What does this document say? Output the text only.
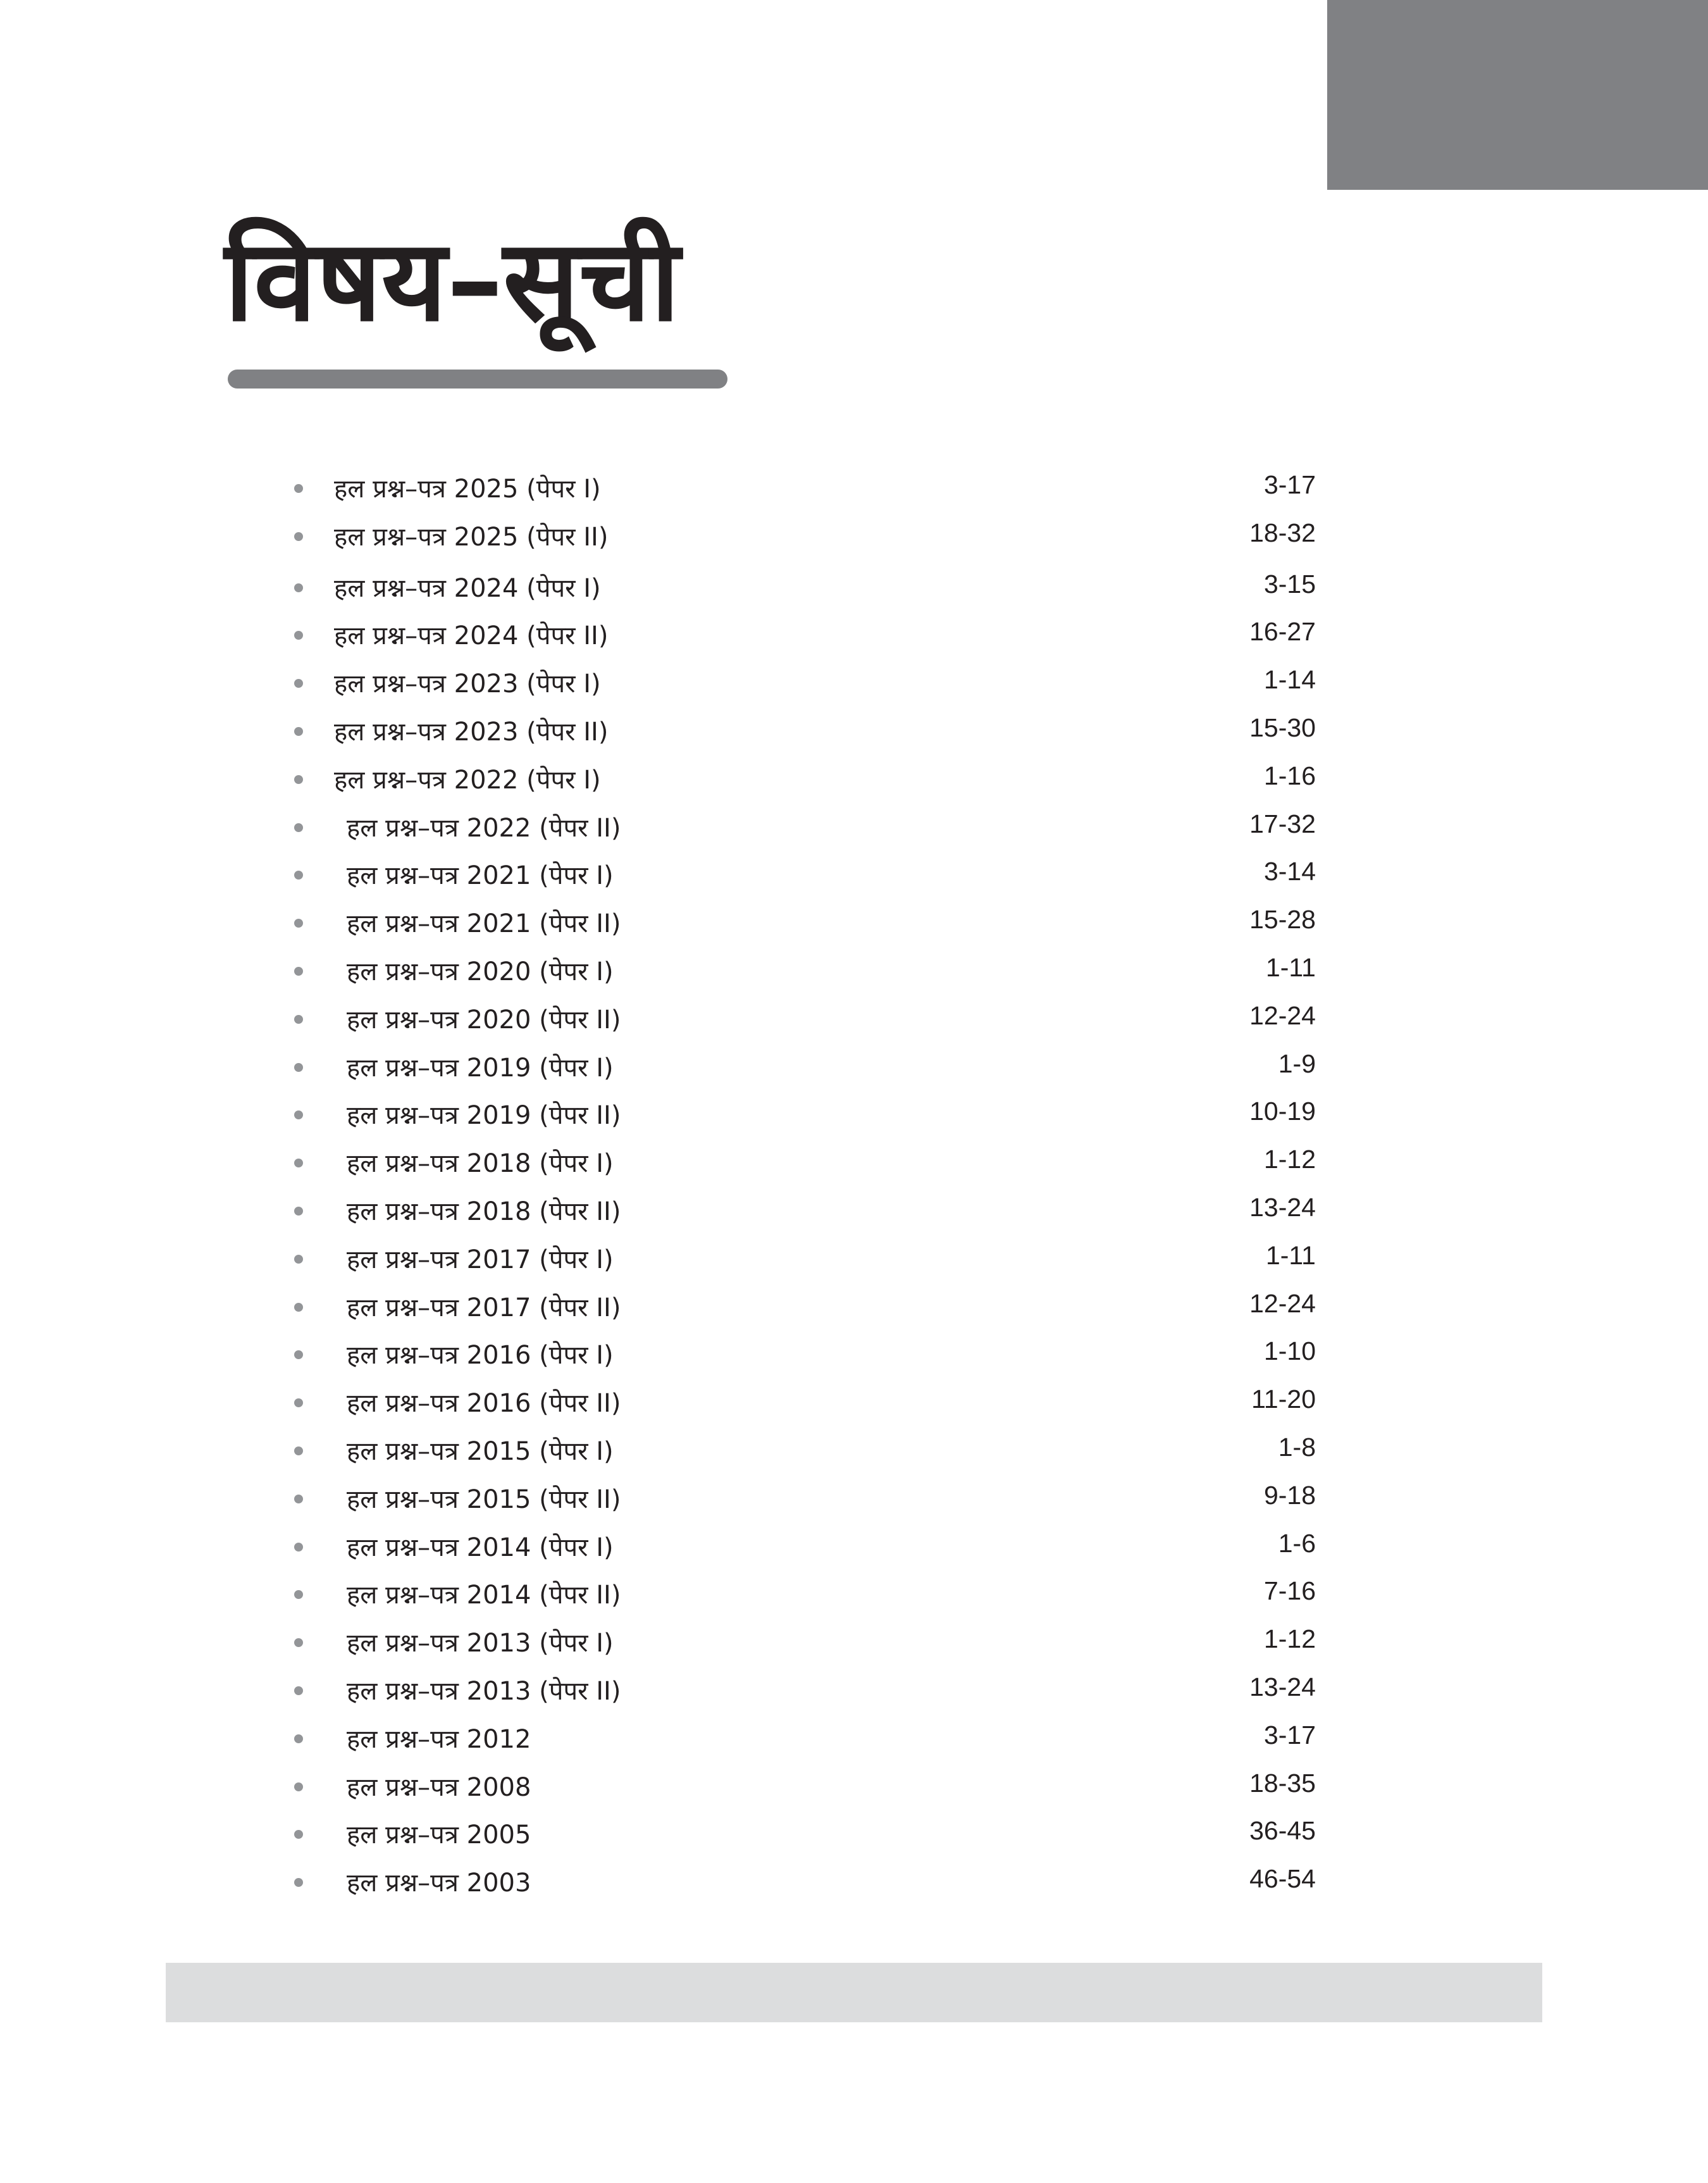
विषय–सूची
हल प्रश्न–पत्र 2025 (पेपर I)	3-17
हल प्रश्न–पत्र 2025 (पेपर II)	18-32
हल प्रश्न–पत्र 2024 (पेपर I)	3-15
हल प्रश्न–पत्र 2024 (पेपर II)	16-27
हल प्रश्न–पत्र 2023 (पेपर I)	1-14
हल प्रश्न–पत्र 2023 (पेपर II)	15-30
हल प्रश्न–पत्र 2022 (पेपर I)	1-16
हल प्रश्न–पत्र 2022 (पेपर II)	17-32
हल प्रश्न–पत्र 2021 (पेपर I)	3-14
हल प्रश्न–पत्र 2021 (पेपर II)	15-28
हल प्रश्न–पत्र 2020 (पेपर I)	1-11
हल प्रश्न–पत्र 2020 (पेपर II)	12-24
हल प्रश्न–पत्र 2019 (पेपर I)	1-9
हल प्रश्न–पत्र 2019 (पेपर II)	10-19
हल प्रश्न–पत्र 2018 (पेपर I)	1-12
हल प्रश्न–पत्र 2018 (पेपर II)	13-24
हल प्रश्न–पत्र 2017 (पेपर I)	1-11
हल प्रश्न–पत्र 2017 (पेपर II)	12-24
हल प्रश्न–पत्र 2016 (पेपर I)	1-10
हल प्रश्न–पत्र 2016 (पेपर II)	11-20
हल प्रश्न–पत्र 2015 (पेपर I)	1-8
हल प्रश्न–पत्र 2015 (पेपर II)	9-18
हल प्रश्न–पत्र 2014 (पेपर I)	1-6
हल प्रश्न–पत्र 2014 (पेपर II)	7-16
हल प्रश्न–पत्र 2013 (पेपर I)	1-12
हल प्रश्न–पत्र 2013 (पेपर II)	13-24
हल प्रश्न–पत्र 2012	3-17
हल प्रश्न–पत्र 2008	18-35
हल प्रश्न–पत्र 2005	36-45
हल प्रश्न–पत्र 2003	46-54
